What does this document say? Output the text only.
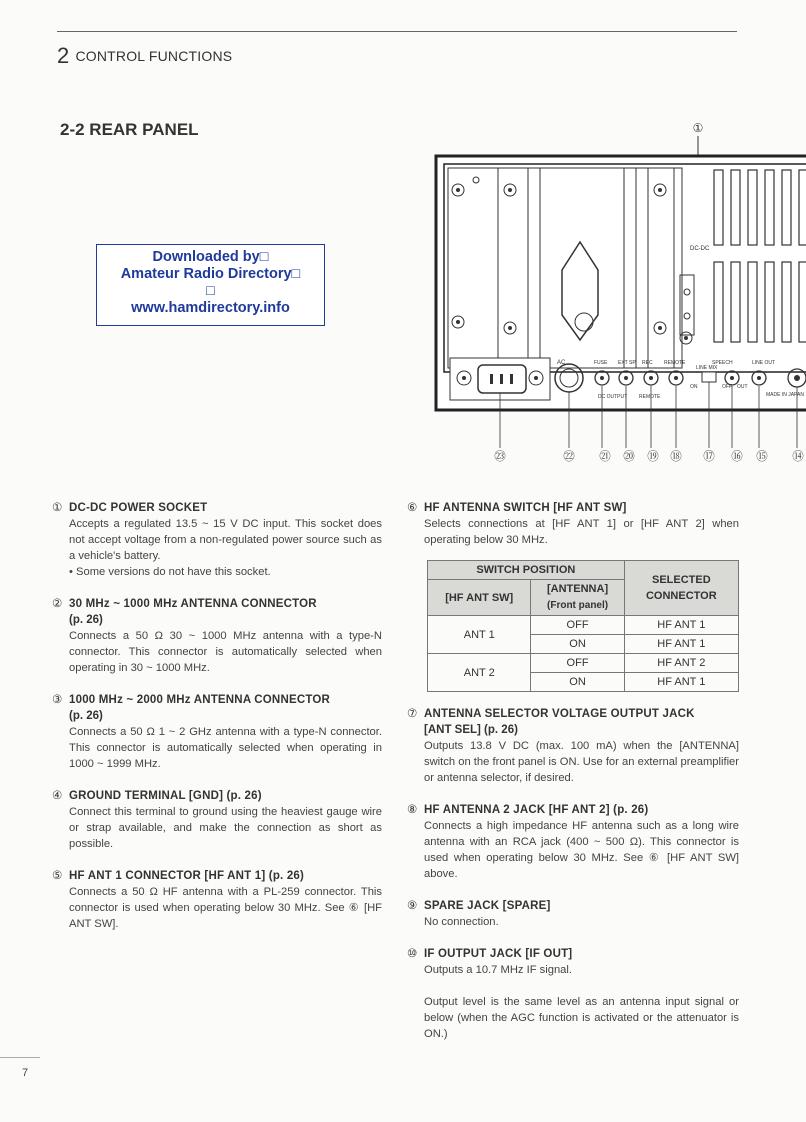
2 CONTROL FUNCTIONS
2-2 REAR PANEL
Downloaded by□
Amateur Radio Directory□
□
www.hamdirectory.info
①
DC-DC
AC	FUSE
DC OUTPUT
EXT SP REC REMOTE
REMOTE
SPEECH
LINE MIX
ON	OFF OUT
LINE OUT
MADE IN JAPAN
㉓	㉒ ㉑ ⑳ ⑲ ⑱ ⑰ ⑯ ⑮ ⑭
① DC-DC POWER SOCKET

Accepts a regulated 13.5 ~ 15 V DC input. This socket does not accept voltage from a non-regulated power source such as a vehicle's battery.

• Some versions do not have this socket.

② 30 MHz ~ 1000 MHz ANTENNA CONNECTOR
(p. 26)

Connects a 50 Ω 30 ~ 1000 MHz antenna with a type-N connector. This connector is automatically selected when operating in 30 ~ 1000 MHz.

③ 1000 MHz ~ 2000 MHz ANTENNA CONNECTOR
(p. 26)

Connects a 50 Ω 1 ~ 2 GHz antenna with a type-N connector. This connector is automatically selected when operating in 1000 ~ 1999 MHz.

④ GROUND TERMINAL [GND] (p. 26)

Connect this terminal to ground using the heaviest gauge wire or strap available, and make the connection as short as possible.

⑤ HF ANT 1 CONNECTOR [HF ANT 1] (p. 26)

Connects a 50 Ω HF antenna with a PL-259 connector. This connector is used when operating below 30 MHz. See ⑥ [HF ANT SW].

⑥ HF ANTENNA SWITCH [HF ANT SW]

Selects connections at [HF ANT 1] or [HF ANT 2] when operating below 30 MHz.

SWITCH POSITION		SELECTED
CONNECTOR
[HF ANT SW]	[ANTENNA]
(Front panel)	
ANT 1	OFF	HF ANT 1
	ON	HF ANT 1
ANT 2	OFF	HF ANT 2
	ON	HF ANT 1
⑦ ANTENNA SELECTOR VOLTAGE OUTPUT JACK
[ANT SEL] (p. 26)

Outputs 13.8 V DC (max. 100 mA) when the [ANTENNA] switch on the front panel is ON. Use for an external preamplifier or antenna selector, if desired.

⑧ HF ANTENNA 2 JACK [HF ANT 2] (p. 26)

Connects a high impedance HF antenna such as a long wire antenna with an RCA jack (400 ~ 500 Ω). This connector is used when operating below 30 MHz. See ⑥ [HF ANT SW] above.

⑨ SPARE JACK [SPARE]

No connection.

⑩ IF OUTPUT JACK [IF OUT]

Outputs a 10.7 MHz IF signal.

Output level is the same level as an antenna input signal or below (when the AGC function is activated or the attenuator is ON.)

7
